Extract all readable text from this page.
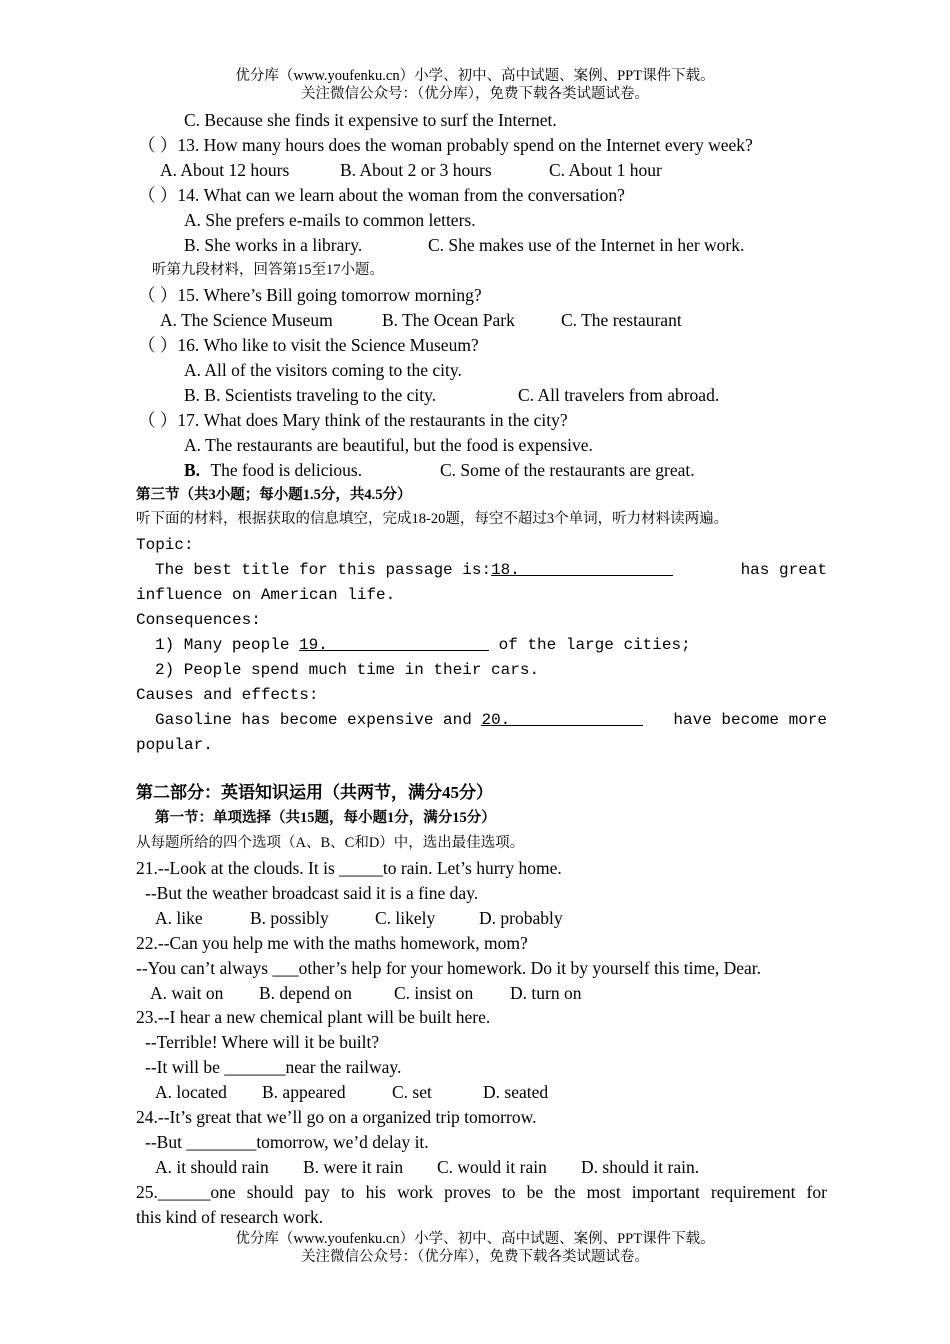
优分库（www.youfenku.cn）小学、初中、高中试题、案例、PPT课件下载。
关注微信公众号：（优分库），免费下载各类试题试卷。
C. Because she finds it expensive to surf the Internet.
（ ）13. How many hours does the woman probably spend on the Internet every week?
A. About 12 hours	B. About 2 or 3 hours	C. About 1 hour
（ ）14. What can we learn about the woman from the conversation?
A. She prefers e-mails to common letters.
B. She works in a library.	C. She makes use of the Internet in her work.
听第九段材料，回答第15至17小题。
（ ）15. Where’s Bill going tomorrow morning?
A. The Science Museum	B. The Ocean Park	C. The restaurant
（ ）16. Who like to visit the Science Museum?
A. All of the visitors coming to the city.
B. B. Scientists traveling to the city.	C. All travelers from abroad.
（ ）17. What does Mary think of the restaurants in the city?
A. The restaurants are beautiful, but the food is expensive.
B. The food is delicious.	C. Some of the restaurants are great.
第三节（共3小题；每小题1.5分，共4.5分）
听下面的材料，根据获取的信息填空，完成18-20题，每空不超过3个单词，听力材料读两遍。
Topic:
The best title for this passage is:18.	has great
influence on American life.
Consequences:
1) Many people 19.	of the large cities;
2) People spend much time in their cars.
Causes and effects:
Gasoline has become expensive and 20.	have become more
popular.
第二部分：英语知识运用（共两节，满分45分）
第一节：单项选择（共15题，每小题1分，满分15分）
从每题所给的四个选项（A、B、C和D）中，选出最佳选项。
21.--Look at the clouds. It is _____to rain. Let’s hurry home.
--But the weather broadcast said it is a fine day.
A. like	B. possibly	C. likely D. probably
22.--Can you help me with the maths homework, mom?
--You can’t always ___other’s help for your homework. Do it by yourself this time, Dear.
A. wait on B. depend on C. insist on D. turn on
23.--I hear a new chemical plant will be built here.
--Terrible! Where will it be built?
--It will be _______near the railway.
A. located B. appeared	C. set	D. seated
24.--It’s great that we’ll go on a organized trip tomorrow.
--But ________tomorrow, we’d delay it.
A. it should rain B. were it rain C. would it rain D. should it rain.
25.______one should pay to his work proves to be the most important requirement for
this kind of research work.
优分库（www.youfenku.cn）小学、初中、高中试题、案例、PPT课件下载。
关注微信公众号：（优分库），免费下载各类试题试卷。
